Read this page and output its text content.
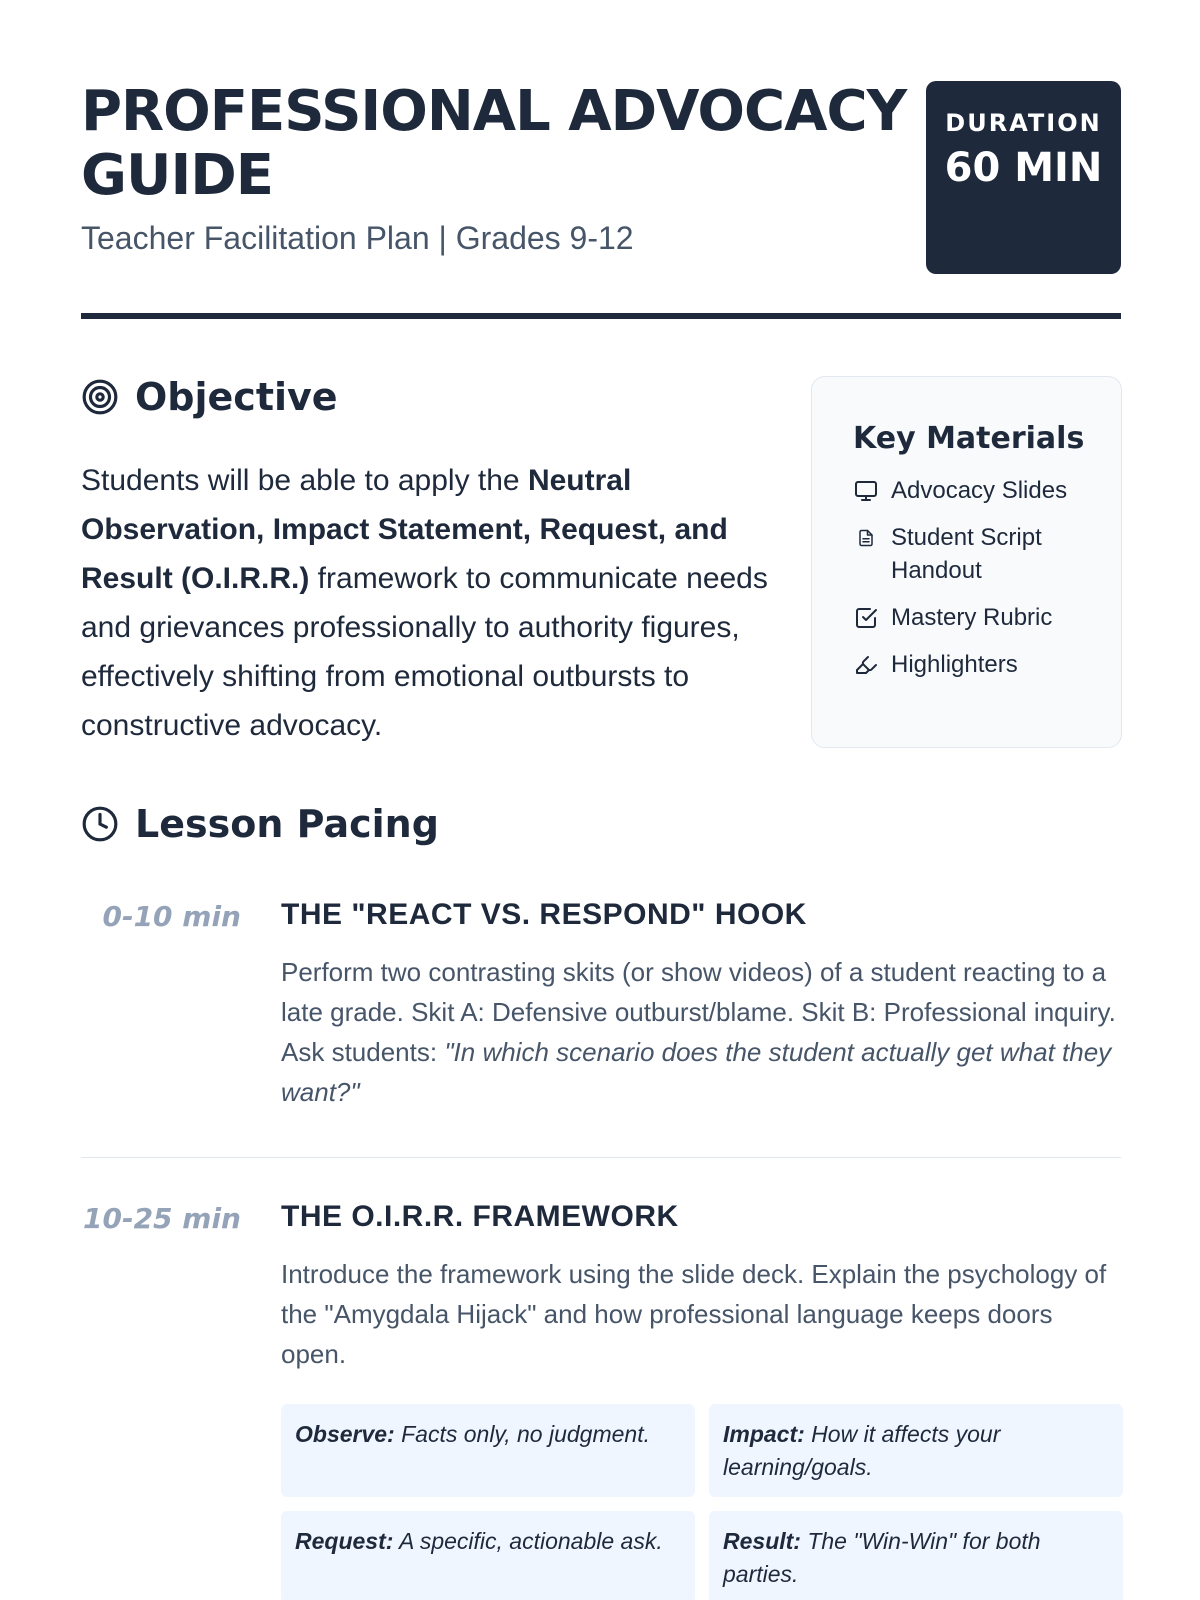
PROFESSIONAL ADVOCACY GUIDE
Teacher Facilitation Plan | Grades 9-12
DURATION
60 MIN
Objective
Students will be able to apply the Neutral Observation, Impact Statement, Request, and Result (O.I.R.R.) framework to communicate needs and grievances professionally to authority figures, effectively shifting from emotional outbursts to constructive advocacy.
Key Materials
Advocacy Slides
Student Script Handout
Mastery Rubric
Highlighters
Lesson Pacing
0-10 min THE "REACT VS. RESPOND" HOOK
Perform two contrasting skits (or show videos) of a student reacting to a late grade. Skit A: Defensive outburst/blame. Skit B: Professional inquiry. Ask students: "In which scenario does the student actually get what they want?"
10-25 min THE O.I.R.R. FRAMEWORK
Introduce the framework using the slide deck. Explain the psychology of the "Amygdala Hijack" and how professional language keeps doors open.
Observe: Facts only, no judgment.	Impact: How it affects your learning/goals.
Request: A specific, actionable ask.	Result: The "Win-Win" for both parties.
